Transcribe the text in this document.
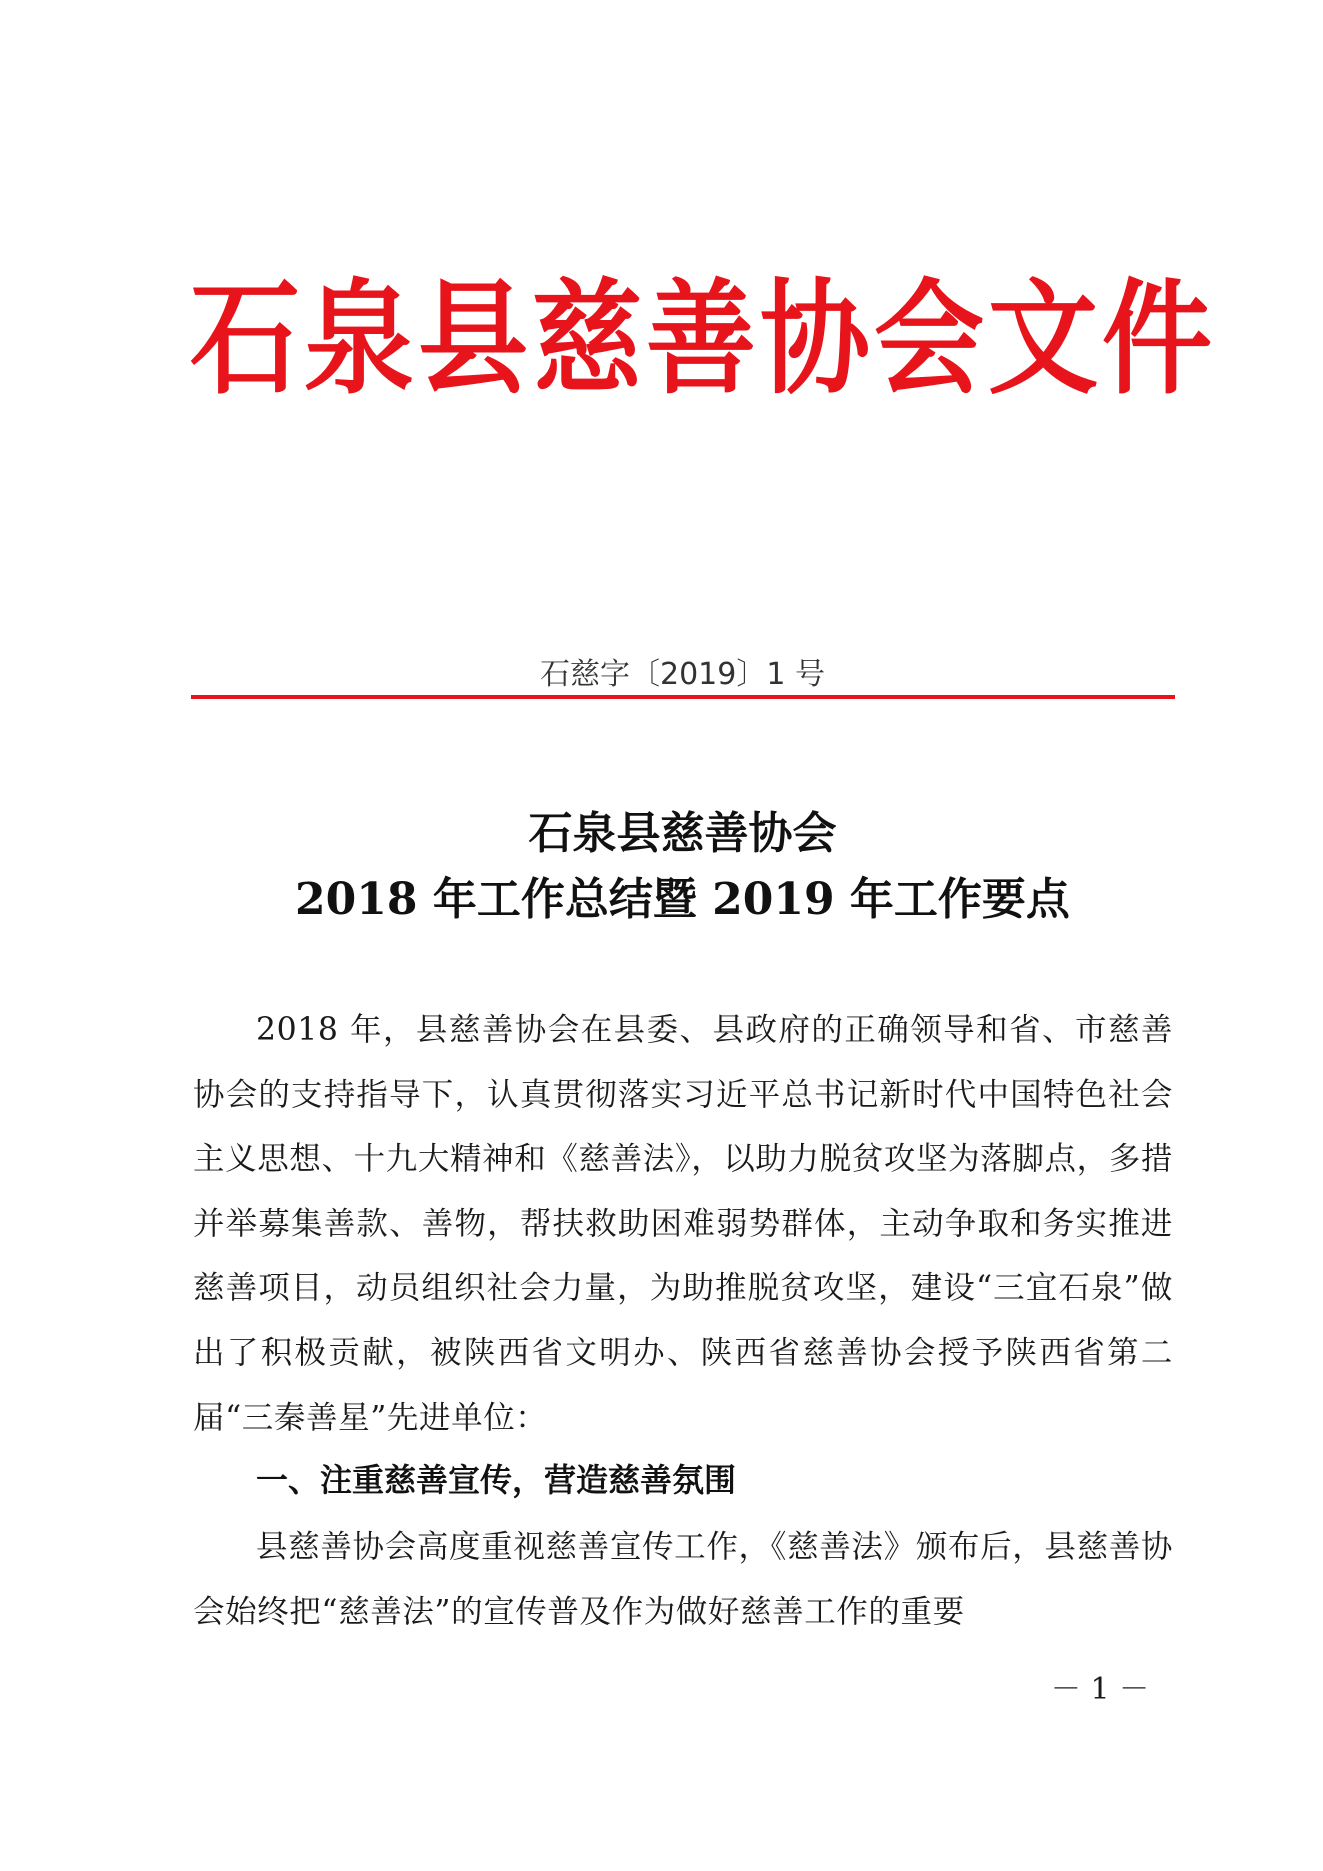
石泉县慈善协会文件
石慈字〔2019〕1 号
石泉县慈善协会
2018 年工作总结暨 2019 年工作要点
2018 年，县慈善协会在县委、县政府的正确领导和省、市慈善协会的支持指导下，认真贯彻落实习近平总书记新时代中国特色社会主义思想、十九大精神和《慈善法》，以助力脱贫攻坚为落脚点，多措并举募集善款、善物，帮扶救助困难弱势群体，主动争取和务实推进慈善项目，动员组织社会力量，为助推脱贫攻坚，建设“三宜石泉”做出了积极贡献，被陕西省文明办、陕西省慈善协会授予陕西省第二届“三秦善星”先进单位：
一、注重慈善宣传，营造慈善氛围
县慈善协会高度重视慈善宣传工作，《慈善法》颁布后，县慈善协会始终把“慈善法”的宣传普及作为做好慈善工作的重要
－ 1 －
